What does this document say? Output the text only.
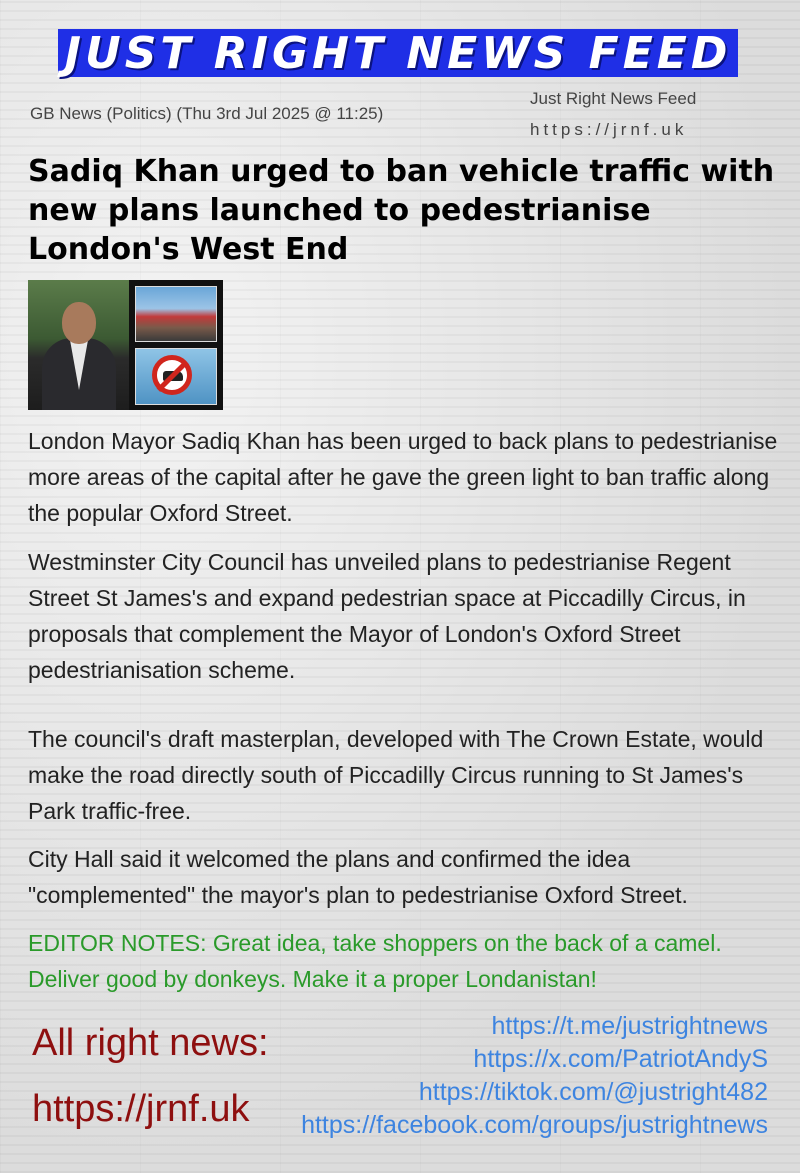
JUST RIGHT NEWS FEED
GB News (Politics) (Thu 3rd Jul 2025 @ 11:25)
Just Right News Feed
https://jrnf.uk
Sadiq Khan urged to ban vehicle traffic with new plans launched to pedestrianise London's West End

London Mayor Sadiq Khan has been urged to back plans to pedestrianise more areas of the capital after he gave the green light to ban traffic along the popular Oxford Street.

Westminster City Council has unveiled plans to pedestrianise Regent Street St James's and expand pedestrian space at Piccadilly Circus, in proposals that complement the Mayor of London's Oxford Street pedestrianisation scheme.

The council's draft masterplan, developed with The Crown Estate, would make the road directly south of Piccadilly Circus running to St James's Park traffic-free.

City Hall said it welcomed the plans and confirmed the idea "complemented" the mayor's plan to pedestrianise Oxford Street.

EDITOR NOTES: Great idea, take shoppers on the back of a camel. Deliver good by donkeys. Make it a proper Londanistan!

All right news:
https://jrnf.uk
https://t.me/justrightnews
https://x.com/PatriotAndyS
https://tiktok.com/@justright482
https://facebook.com/groups/justrightnews
